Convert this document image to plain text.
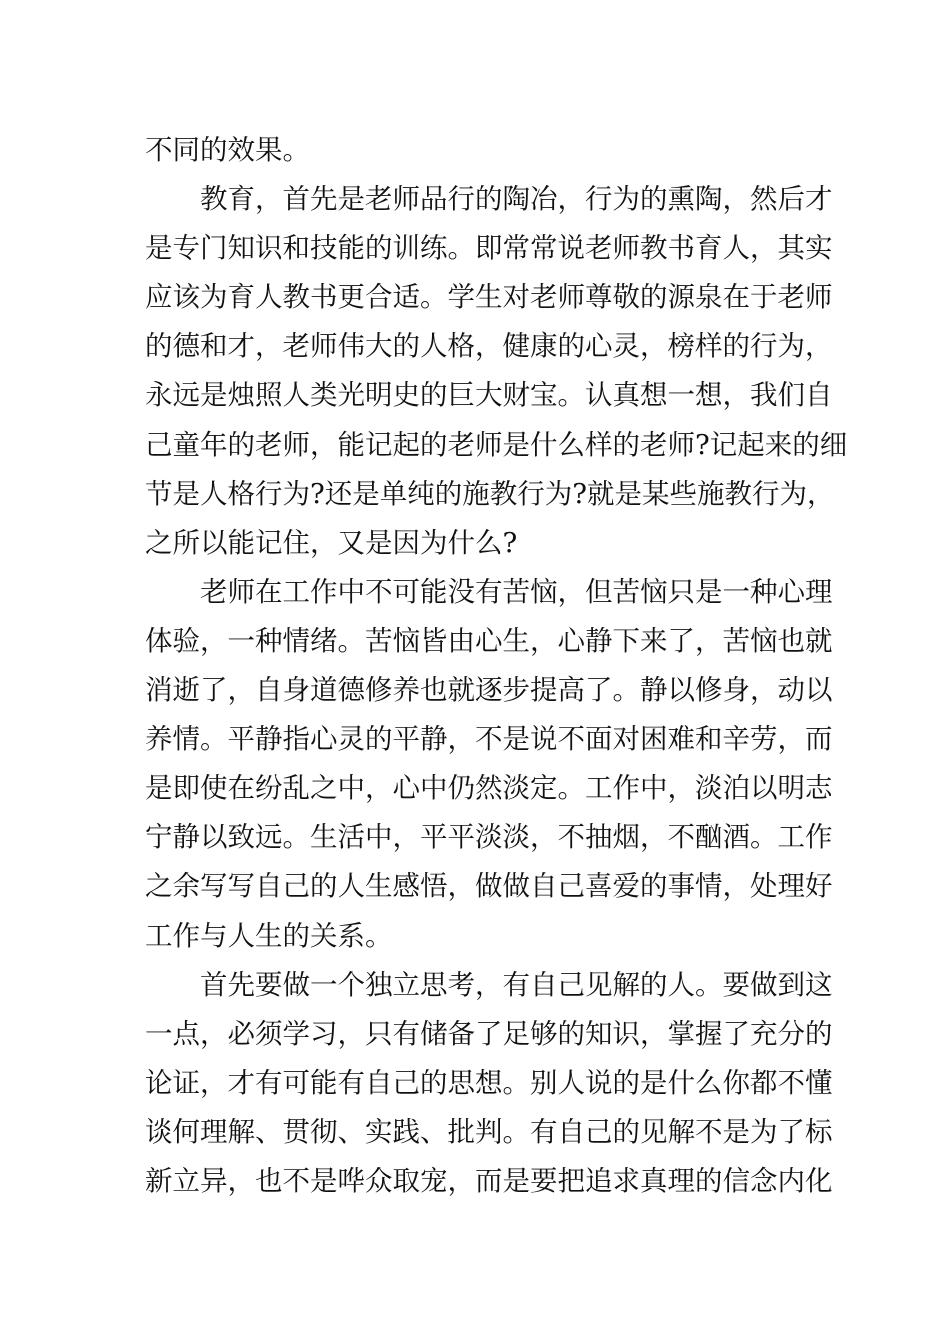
不同的效果。
教育，首先是老师品行的陶冶，行为的熏陶，然后才
是专门知识和技能的训练。即常常说老师教书育人，其实
应该为育人教书更合适。学生对老师尊敬的源泉在于老师
的德和才，老师伟大的人格，健康的心灵，榜样的行为，
永远是烛照人类光明史的巨大财宝。认真想一想，我们自
己童年的老师，能记起的老师是什么样的老师?记起来的细
节是人格行为?还是单纯的施教行为?就是某些施教行为，
之所以能记住，又是因为什么?
老师在工作中不可能没有苦恼，但苦恼只是一种心理
体验，一种情绪。苦恼皆由心生，心静下来了，苦恼也就
消逝了，自身道德修养也就逐步提高了。静以修身，动以
养情。平静指心灵的平静，不是说不面对困难和辛劳，而
是即使在纷乱之中，心中仍然淡定。工作中，淡泊以明志
宁静以致远。生活中，平平淡淡，不抽烟，不酗酒。工作
之余写写自己的人生感悟，做做自己喜爱的事情，处理好
工作与人生的关系。
首先要做一个独立思考，有自己见解的人。要做到这
一点，必须学习，只有储备了足够的知识，掌握了充分的
论证，才有可能有自己的思想。别人说的是什么你都不懂
谈何理解、贯彻、实践、批判。有自己的见解不是为了标
新立异，也不是哗众取宠，而是要把追求真理的信念内化
